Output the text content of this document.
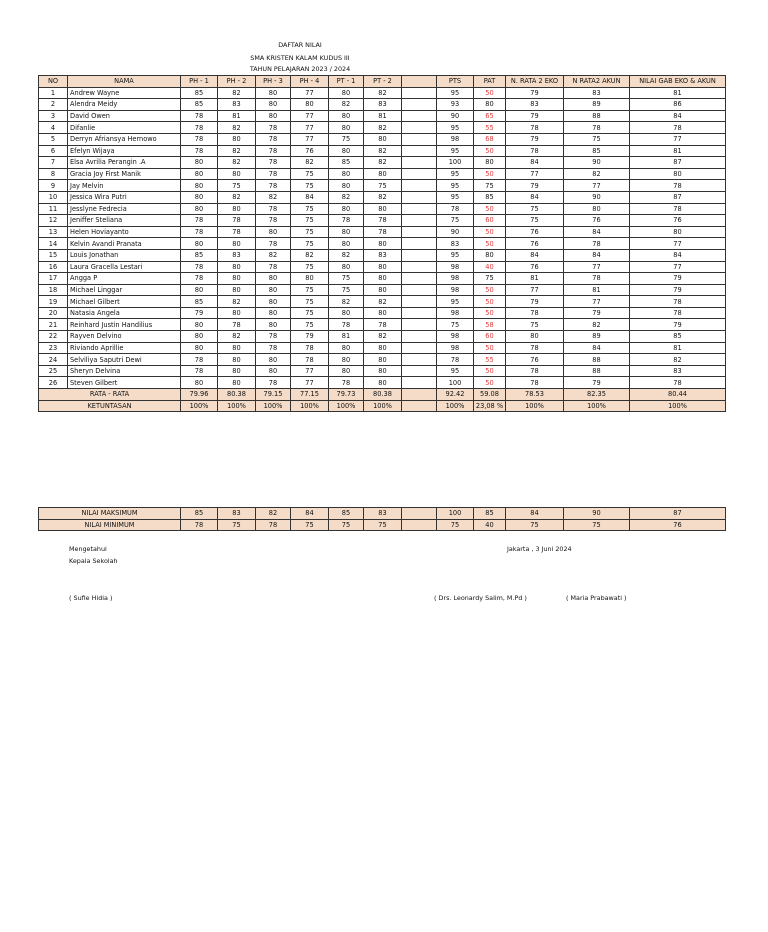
DAFTAR NILAI
SMA KRISTEN KALAM KUDUS III
TAHUN PELAJARAN 2023 / 2024
NO	NAMA	PH - 1	PH - 2	PH - 3	PH - 4	PT - 1	PT - 2		PTS	PAT	N. RATA 2 EKO	N RATA2 AKUN	NILAI GAB EKO & AKUN
1	Andrew Wayne	85	82	80	77	80	82		95	50	79	83	81
2	Alendra Meidy	85	83	80	80	82	83		93	80	83	89	86
3	David Owen	78	81	80	77	80	81		90	65	79	88	84
4	Difanlie	78	82	78	77	80	82		95	55	78	78	78
5	Derryn Afriansya Hernowo	78	80	78	77	75	80		98	68	79	75	77
6	Efelyn Wijaya	78	82	78	76	80	82		95	50	78	85	81
7	Elsa Avrilia Perangin .A	80	82	78	82	85	82		100	80	84	90	87
8	Gracia Joy First Manik	80	80	78	75	80	80		95	50	77	82	80
9	Jay Melvin	80	75	78	75	80	75		95	75	79	77	78
10	Jessica Wira Putri	80	82	82	84	82	82		95	85	84	90	87
11	Jesslyne Fedrecia	80	80	78	75	80	80		78	50	75	80	78
12	Jeniffer Steliana	78	78	78	75	78	78		75	60	75	76	76
13	Helen Hoviayanto	78	78	80	75	80	78		90	50	76	84	80
14	Kelvin Avandi Pranata	80	80	78	75	80	80		83	50	76	78	77
15	Louis Jonathan	85	83	82	82	82	83		95	80	84	84	84
16	Laura Gracella Lestari	78	80	78	75	80	80		98	40	76	77	77
17	Angga P	78	80	80	80	75	80		98	75	81	78	79
18	Michael Linggar	80	80	80	75	75	80		98	50	77	81	79
19	Michael Gilbert	85	82	80	75	82	82		95	50	79	77	78
20	Natasia Angela	79	80	80	75	80	80		98	50	78	79	78
21	Reinhard Justin Handilius	80	78	80	75	78	78		75	58	75	82	79
22	Rayven Delvino	80	82	78	79	81	82		98	60	80	89	85
23	Riviando Aprillie	80	80	78	78	80	80		98	50	78	84	81
24	Selviliya Saputri Dewi	78	80	80	78	80	80		78	55	76	88	82
25	Sheryn Delvina	78	80	80	77	80	80		95	50	78	88	83
26	Steven Gilbert	80	80	78	77	78	80		100	50	78	79	78
RATA - RATA		79.96	80.38	79.15	77.15	79.73	80.38		92.42	59.08	78.53	82.35	80.44
KETUNTASAN		100%	100%	100%	100%	100%	100%		100%	23,08 %	100%	100%	100%
NILAI MAKSIMUM	85	83	82	84	85	83		100	85	84	90	87
NILAI MINIMUM	78	75	78	75	75	75		75	40	75	75	76
Mengetahui
Kepala Sekolah
Jakarta , 3 Juni 2024
( Sufie Hidia )	( Drs. Leonardy Salim, M.Pd )	( Maria Prabawati )
